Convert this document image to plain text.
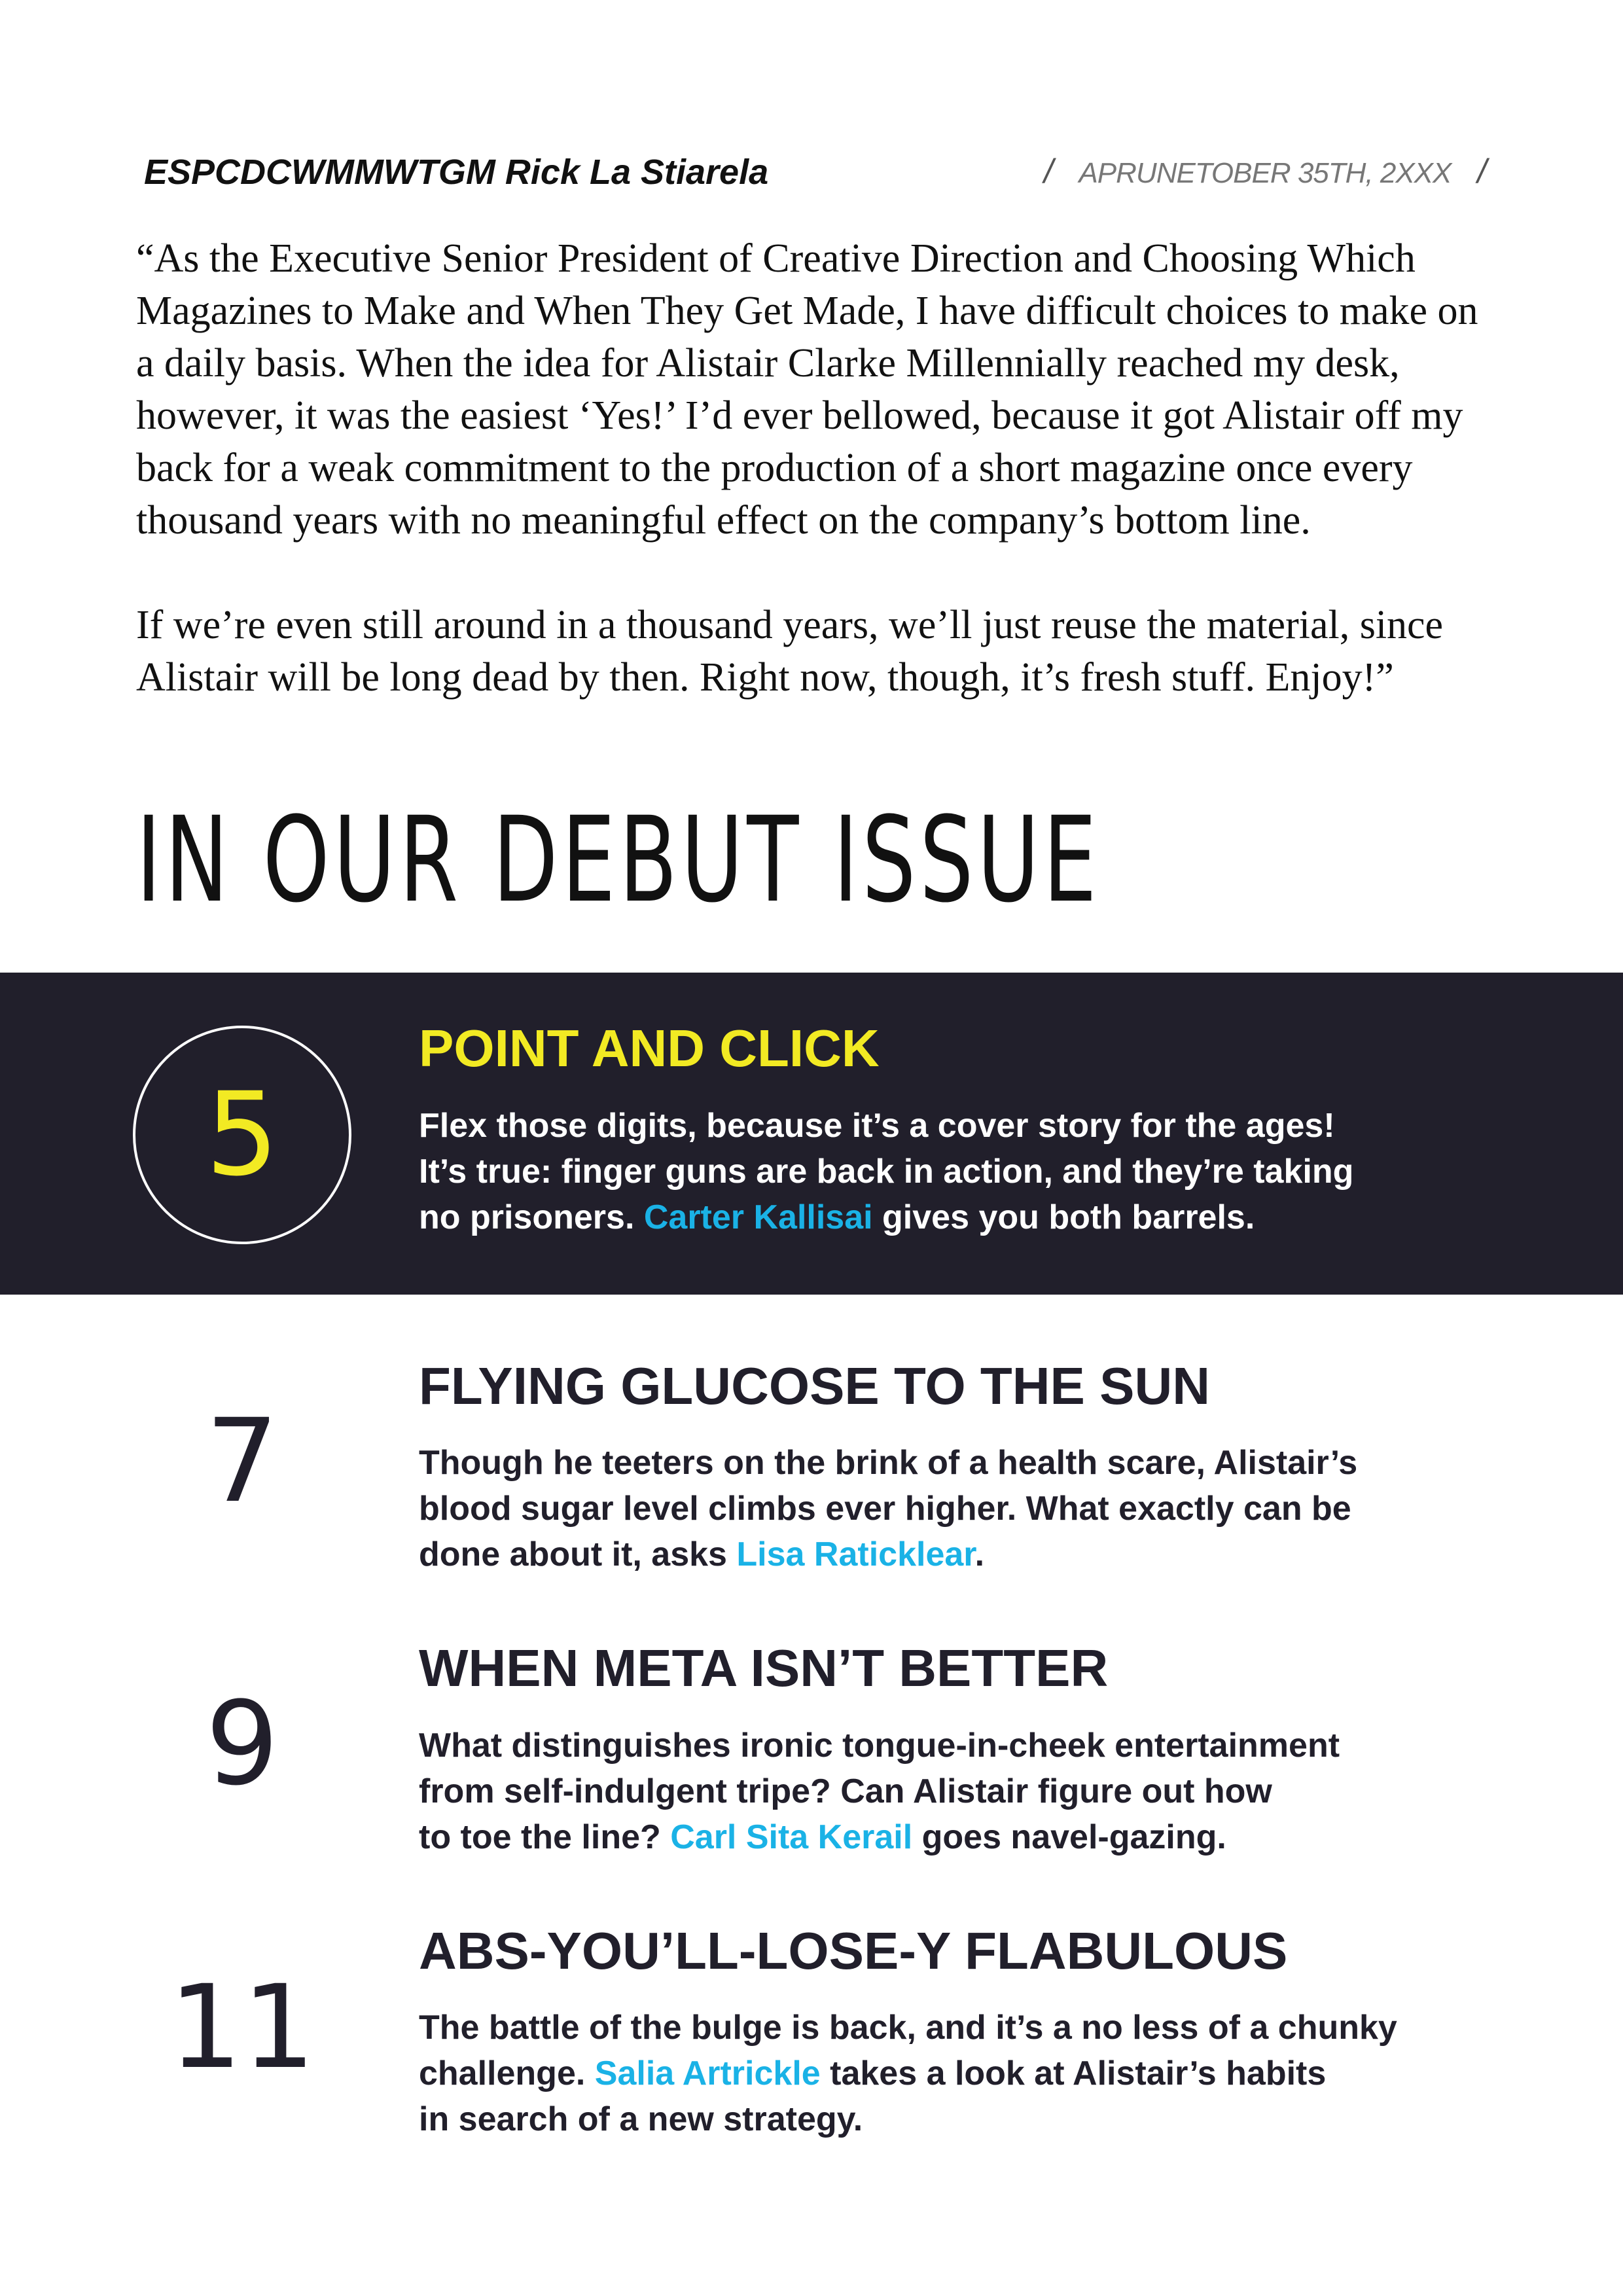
ESPCDCWMMWTGM Rick La Stiarela	/ APRUNETOBER 35TH, 2XXX /

“As the Executive Senior President of Creative Direction and Choosing Which Magazines to Make and When They Get Made, I have difficult choices to make on a daily basis. When the idea for Alistair Clarke Millennially reached my desk, however, it was the easiest ‘Yes!’ I’d ever bellowed, because it got Alistair off my back for a weak commitment to the production of a short magazine once every thousand years with no meaningful effect on the company’s bottom line.

If we’re even still around in a thousand years, we’ll just reuse the material, since Alistair will be long dead by then. Right now, though, it’s fresh stuff. Enjoy!”

IN OUR DEBUT ISSUE
5
POINT AND CLICK

Flex those digits, because it’s a cover story for the ages!

It’s true: finger guns are back in action, and they’re taking

no prisoners. Carter Kallisai gives you both barrels.

7
FLYING GLUCOSE TO THE SUN

Though he teeters on the brink of a health scare, Alistair’s

blood sugar level climbs ever higher. What exactly can be

done about it, asks Lisa Raticklear.

9
WHEN META ISN’T BETTER

What distinguishes ironic tongue-in-cheek entertainment

from self-indulgent tripe? Can Alistair figure out how

to toe the line? Carl Sita Kerail goes navel-gazing.

11
ABS-YOU’LL-LOSE-Y FLABULOUS

The battle of the bulge is back, and it’s a no less of a chunky

challenge. Salia Artrickle takes a look at Alistair’s habits

in search of a new strategy.
